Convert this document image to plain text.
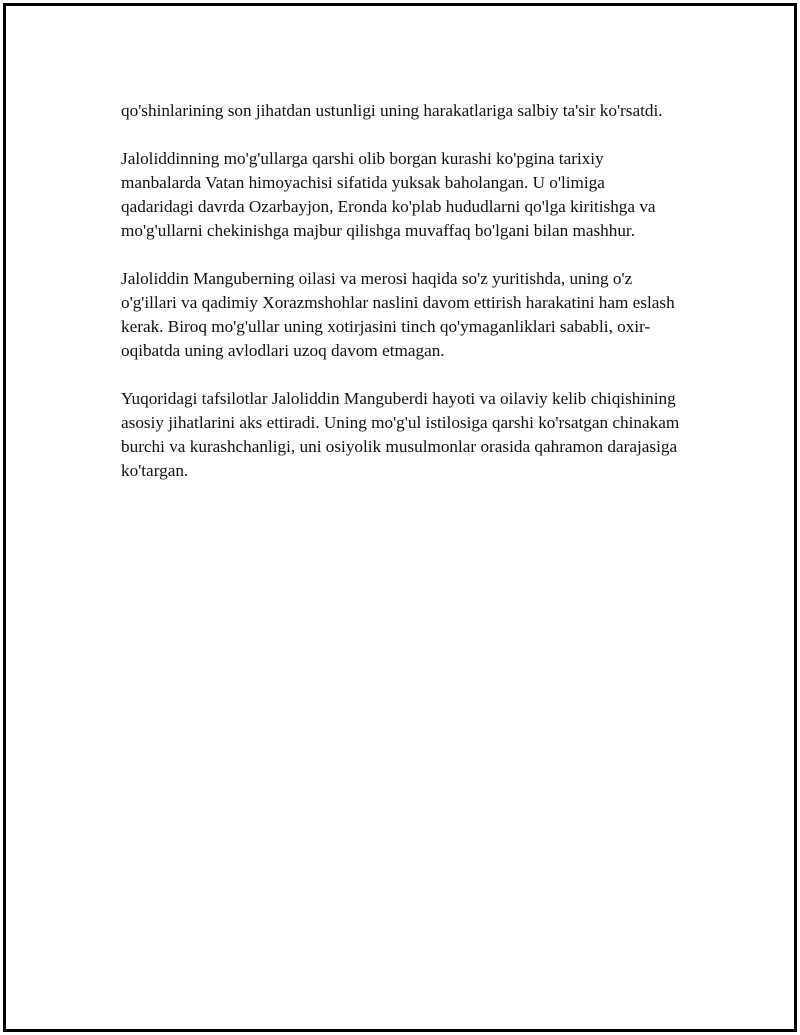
qo'shinlarining son jihatdan ustunligi uning harakatlariga salbiy ta'sir ko'rsatdi.

Jaloliddinning mo'g'ullarga qarshi olib borgan kurashi ko'pgina tarixiy manbalarda Vatan himoyachisi sifatida yuksak baholangan. U o'limiga qadaridagi davrda Ozarbayjon, Eronda ko'plab hududlarni qo'lga kiritishga va mo'g'ullarni chekinishga majbur qilishga muvaffaq bo'lgani bilan mashhur.

Jaloliddin Manguberning oilasi va merosi haqida so'z yuritishda, uning o'z o'g'illari va qadimiy Xorazmshohlar naslini davom ettirish harakatini ham eslash kerak. Biroq mo'g'ullar uning xotirjasini tinch qo'ymaganliklari sababli, oxir-oqibatda uning avlodlari uzoq davom etmagan.

Yuqoridagi tafsilotlar Jaloliddin Manguberdi hayoti va oilaviy kelib chiqishining asosiy jihatlarini aks ettiradi. Uning mo'g'ul istilosiga qarshi ko'rsatgan chinakam burchi va kurashchanligi, uni osiyolik musulmonlar orasida qahramon darajasiga ko'targan.
